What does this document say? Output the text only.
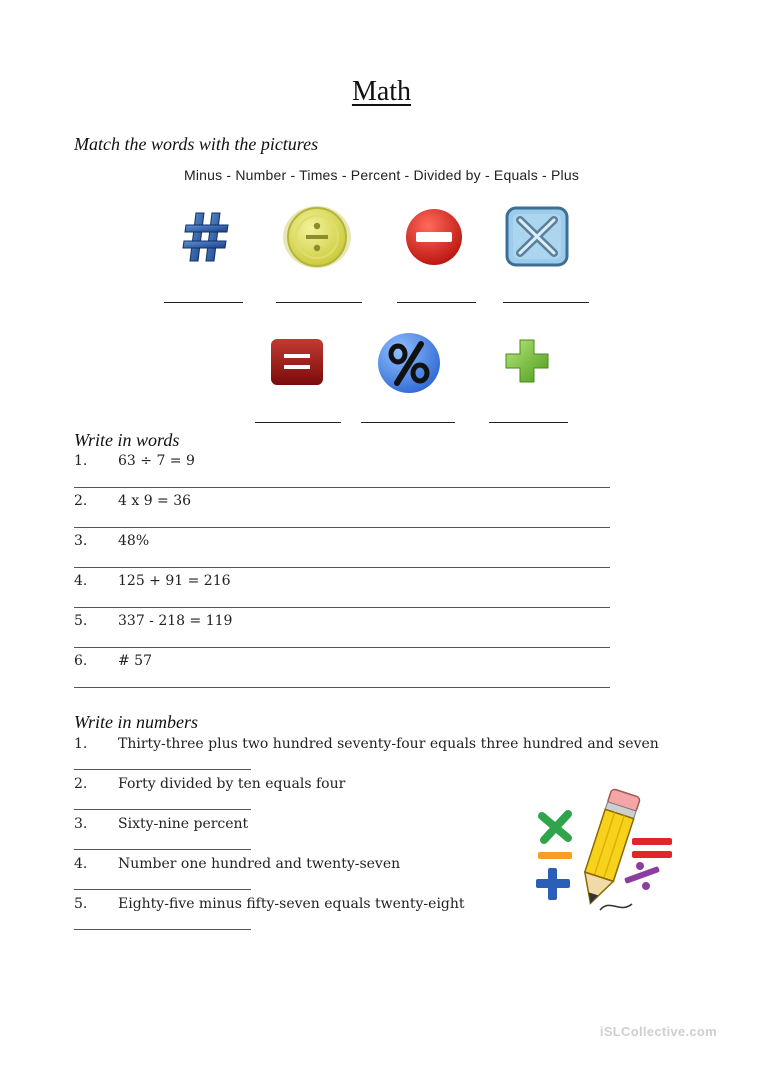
Math
Match the words with the pictures
Minus - Number - Times - Percent - Divided by - Equals - Plus
Write in words
1. 63 ÷ 7 = 9
2. 4 x 9 = 36
3. 48%
4. 125 + 91 = 216
5. 337 - 218 = 119
6. # 57
Write in numbers
1. Thirty-three plus two hundred seventy-four equals three hundred and seven
2. Forty divided by ten equals four
3. Sixty-nine percent
4. Number one hundred and twenty-seven
5. Eighty-five minus fifty-seven equals twenty-eight
iSLCollective.com
